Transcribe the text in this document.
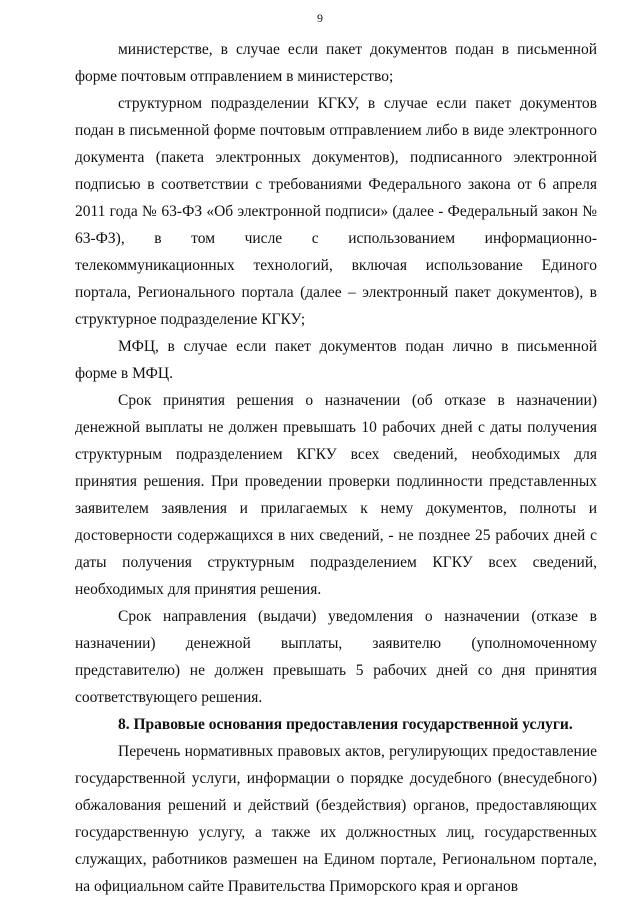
9

министерстве, в случае если пакет документов подан в письменной форме почтовым отправлением в министерство;

структурном подразделении КГКУ, в случае если пакет документов подан в письменной форме почтовым отправлением либо в виде электронного документа (пакета электронных документов), подписанного электронной подписью в соответствии с требованиями Федерального закона от 6 апреля 2011 года № 63-ФЗ «Об электронной подписи» (далее - Федеральный закон № 63-ФЗ), в том числе с использованием информационно-телекоммуникационных технологий, включая использование Единого портала, Регионального портала (далее – электронный пакет документов), в структурное подразделение КГКУ;

МФЦ, в случае если пакет документов подан лично в письменной форме в МФЦ.

Срок принятия решения о назначении (об отказе в назначении) денежной выплаты не должен превышать 10 рабочих дней с даты получения структурным подразделением КГКУ всех сведений, необходимых для принятия решения. При проведении проверки подлинности представленных заявителем заявления и прилагаемых к нему документов, полноты и достоверности содержащихся в них сведений, - не позднее 25 рабочих дней с даты получения структурным подразделением КГКУ всех сведений, необходимых для принятия решения.

Срок направления (выдачи) уведомления о назначении (отказе в назначении) денежной выплаты, заявителю (уполномоченному представителю) не должен превышать 5 рабочих дней со дня принятия соответствующего решения.

8. Правовые основания предоставления государственной услуги.

Перечень нормативных правовых актов, регулирующих предоставление государственной услуги, информации о порядке досудебного (внесудебного) обжалования решений и действий (бездействия) органов, предоставляющих государственную услугу, а также их должностных лиц, государственных служащих, работников размешен на Едином портале, Региональном портале, на официальном сайте Правительства Приморского края и органов
